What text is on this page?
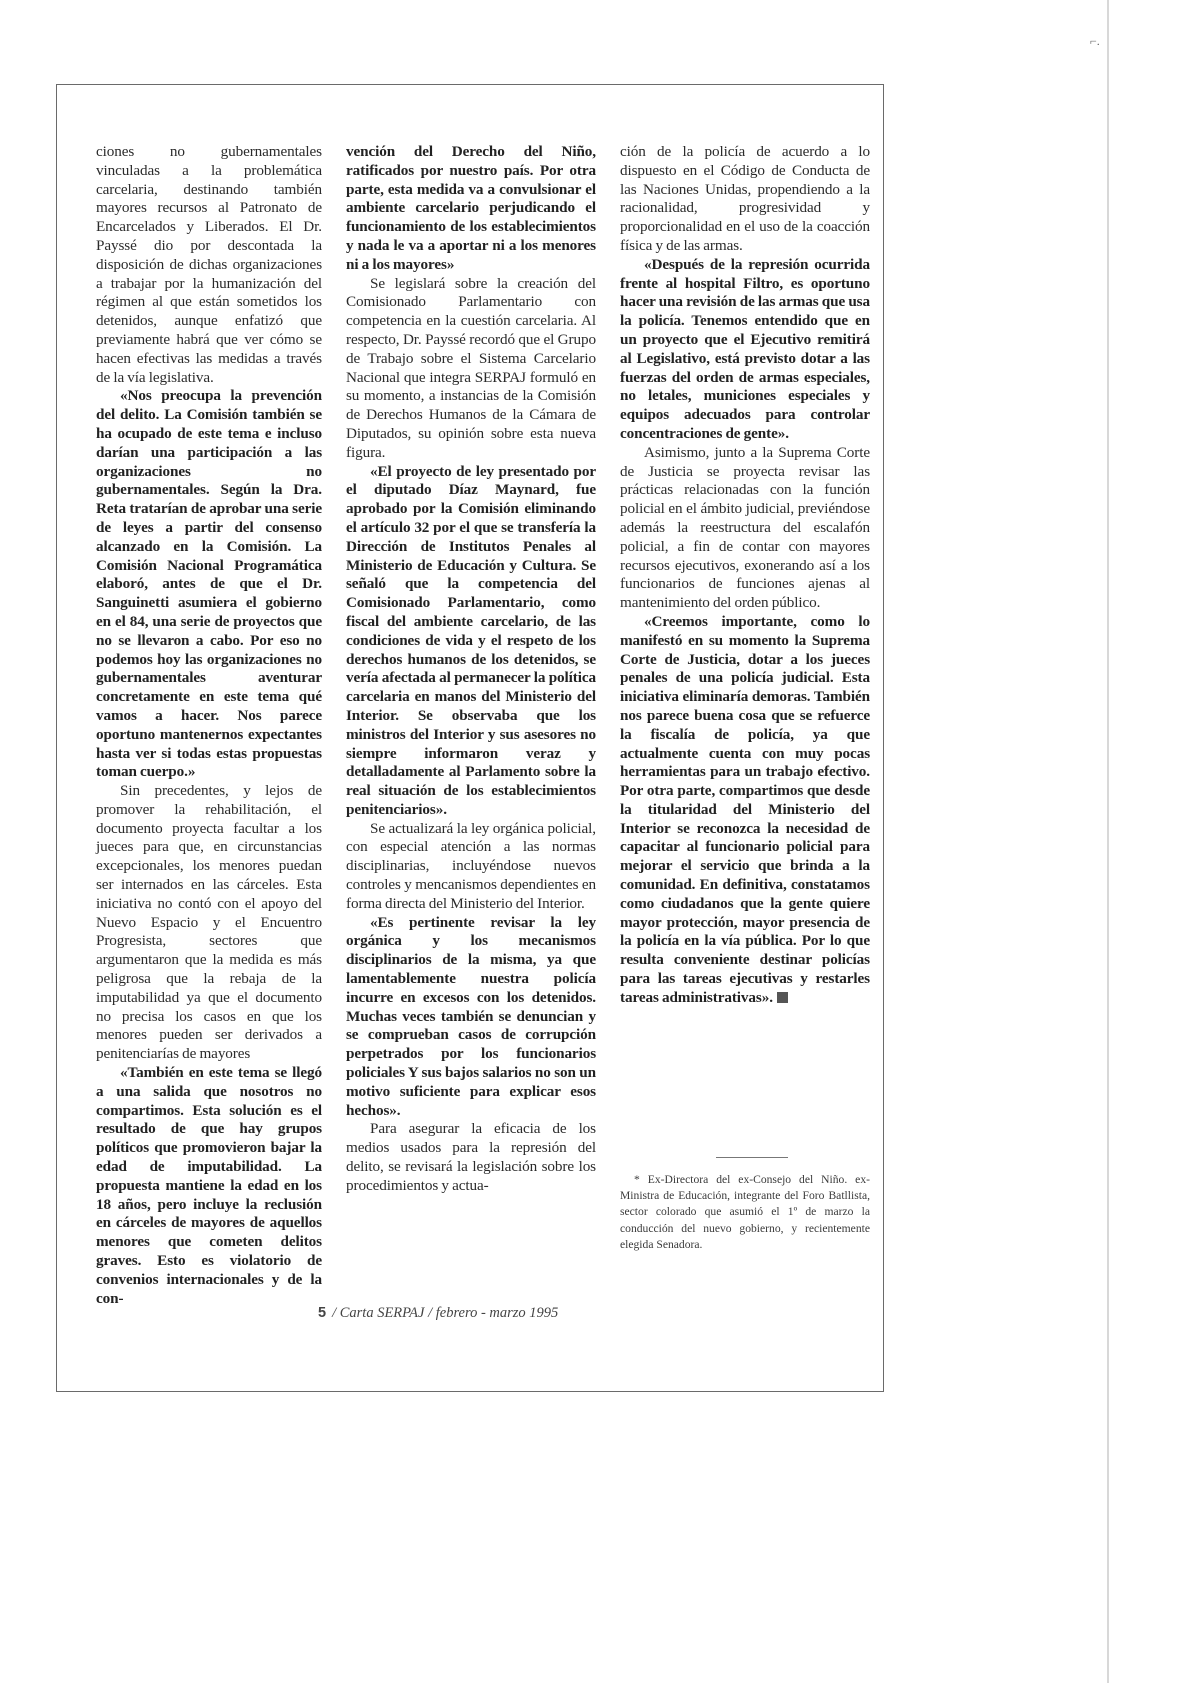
⌐.

ciones no gubernamentales vinculadas a la problemática carcelaria, destinando también mayores recursos al Patronato de Encarcelados y Liberados. El Dr. Payssé dio por descontada la disposición de dichas organizaciones a trabajar por la humanización del régimen al que están sometidos los detenidos, aunque enfatizó que previamente habrá que ver cómo se hacen efectivas las medidas a través de la vía legislativa.

«Nos preocupa la prevención del delito. La Comisión también se ha ocupado de este tema e incluso darían una participación a las organizaciones no gubernamentales. Según la Dra. Reta tratarían de aprobar una serie de leyes a partir del consenso alcanzado en la Comisión. La Comisión Nacional Programática elaboró, antes de que el Dr. Sanguinetti asumiera el gobierno en el 84, una serie de proyectos que no se llevaron a cabo. Por eso no podemos hoy las organizaciones no gubernamentales aventurar concretamente en este tema qué vamos a hacer. Nos parece oportuno mantenernos expectantes hasta ver si todas estas propuestas toman cuerpo.»

Sin precedentes, y lejos de promover la rehabilitación, el documento proyecta facultar a los jueces para que, en circunstancias excepcionales, los menores puedan ser internados en las cárceles. Esta iniciativa no contó con el apoyo del Nuevo Espacio y el Encuentro Progresista, sectores que argumentaron que la medida es más peligrosa que la rebaja de la imputabilidad ya que el documento no precisa los casos en que los menores pueden ser derivados a penitenciarías de mayores

«También en este tema se llegó a una salida que nosotros no compartimos. Esta solución es el resultado de que hay grupos políticos que promovieron bajar la edad de imputabilidad. La propuesta mantiene la edad en los 18 años, pero incluye la reclusión en cárceles de mayores de aquellos menores que cometen delitos graves. Esto es violatorio de convenios internacionales y de la con-

vención del Derecho del Niño, ratificados por nuestro país. Por otra parte, esta medida va a convulsionar el ambiente carcelario perjudicando el funcionamiento de los establecimientos y nada le va a aportar ni a los menores ni a los mayores»

Se legislará sobre la creación del Comisionado Parlamentario con competencia en la cuestión carcelaria. Al respecto, Dr. Payssé recordó que el Grupo de Trabajo sobre el Sistema Carcelario Nacional que integra SERPAJ formuló en su momento, a instancias de la Comisión de Derechos Humanos de la Cámara de Diputados, su opinión sobre esta nueva figura.

«El proyecto de ley presentado por el diputado Díaz Maynard, fue aprobado por la Comisión eliminando el artículo 32 por el que se transfería la Dirección de Institutos Penales al Ministerio de Educación y Cultura. Se señaló que la competencia del Comisionado Parlamentario, como fiscal del ambiente carcelario, de las condiciones de vida y el respeto de los derechos humanos de los detenidos, se vería afectada al permanecer la política carcelaria en manos del Ministerio del Interior. Se observaba que los ministros del Interior y sus asesores no siempre informaron veraz y detalladamente al Parlamento sobre la real situación de los establecimientos penitenciarios».

Se actualizará la ley orgánica policial, con especial atención a las normas disciplinarias, incluyéndose nuevos controles y mencanismos dependientes en forma directa del Ministerio del Interior.

«Es pertinente revisar la ley orgánica y los mecanismos disciplinarios de la misma, ya que lamentablemente nuestra policía incurre en excesos con los detenidos. Muchas veces también se denuncian y se comprueban casos de corrupción perpetrados por los funcionarios policiales Y sus bajos salarios no son un motivo suficiente para explicar esos hechos».

Para asegurar la eficacia de los medios usados para la represión del delito, se revisará la legislación sobre los procedimientos y actua-

ción de la policía de acuerdo a lo dispuesto en el Código de Conducta de las Naciones Unidas, propendiendo a la racionalidad, progresividad y proporcionalidad en el uso de la coacción física y de las armas.

«Después de la represión ocurrida frente al hospital Filtro, es oportuno hacer una revisión de las armas que usa la policía. Tenemos entendido que en un proyecto que el Ejecutivo remitirá al Legislativo, está previsto dotar a las fuerzas del orden de armas especiales, no letales, municiones especiales y equipos adecuados para controlar concentraciones de gente».

Asimismo, junto a la Suprema Corte de Justicia se proyecta revisar las prácticas relacionadas con la función policial en el ámbito judicial, previéndose además la reestructura del escalafón policial, a fin de contar con mayores recursos ejecutivos, exonerando así a los funcionarios de funciones ajenas al mantenimiento del orden público.

«Creemos importante, como lo manifestó en su momento la Suprema Corte de Justicia, dotar a los jueces penales de una policía judicial. Esta iniciativa eliminaría demoras. También nos parece buena cosa que se refuerce la fiscalía de policía, ya que actualmente cuenta con muy pocas herramientas para un trabajo efectivo. Por otra parte, compartimos que desde la titularidad del Ministerio del Interior se reconozca la necesidad de capacitar al funcionario policial para mejorar el servicio que brinda a la comunidad. En definitiva, constatamos como ciudadanos que la gente quiere mayor protección, mayor presencia de la policía en la vía pública. Por lo que resulta conveniente destinar policías para las tareas ejecutivas y restarles tareas administrativas».

* Ex-Directora del ex-Consejo del Niño. ex-Ministra de Educación, integrante del Foro Batllista, sector colorado que asumió el 1º de marzo la conducción del nuevo gobierno, y recientemente elegida Senadora.
5 / Carta SERPAJ / febrero - marzo 1995
